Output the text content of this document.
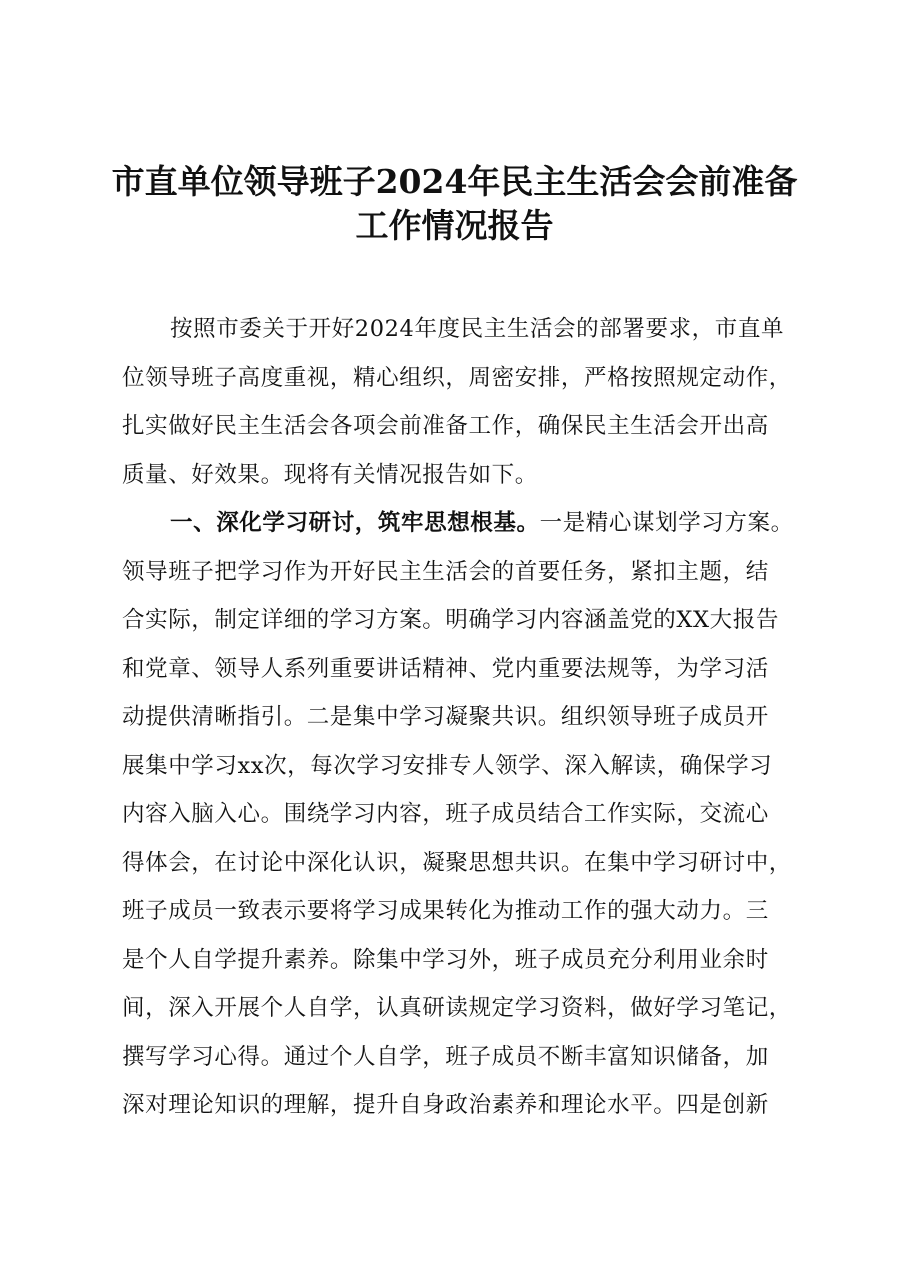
市直单位领导班子2024年民主生活会会前准备
工作情况报告
按照市委关于开好2024年度民主生活会的部署要求，市直单
位领导班子高度重视，精心组织，周密安排，严格按照规定动作，
扎实做好民主生活会各项会前准备工作，确保民主生活会开出高
质量、好效果。现将有关情况报告如下。
一、深化学习研讨，筑牢思想根基。一是精心谋划学习方案。
领导班子把学习作为开好民主生活会的首要任务，紧扣主题，结
合实际，制定详细的学习方案。明确学习内容涵盖党的XX大报告
和党章、领导人系列重要讲话精神、党内重要法规等，为学习活
动提供清晰指引。二是集中学习凝聚共识。组织领导班子成员开
展集中学习xx次，每次学习安排专人领学、深入解读，确保学习
内容入脑入心。围绕学习内容，班子成员结合工作实际，交流心
得体会，在讨论中深化认识，凝聚思想共识。在集中学习研讨中，
班子成员一致表示要将学习成果转化为推动工作的强大动力。三
是个人自学提升素养。除集中学习外，班子成员充分利用业余时
间，深入开展个人自学，认真研读规定学习资料，做好学习笔记，
撰写学习心得。通过个人自学，班子成员不断丰富知识储备，加
深对理论知识的理解，提升自身政治素养和理论水平。四是创新
